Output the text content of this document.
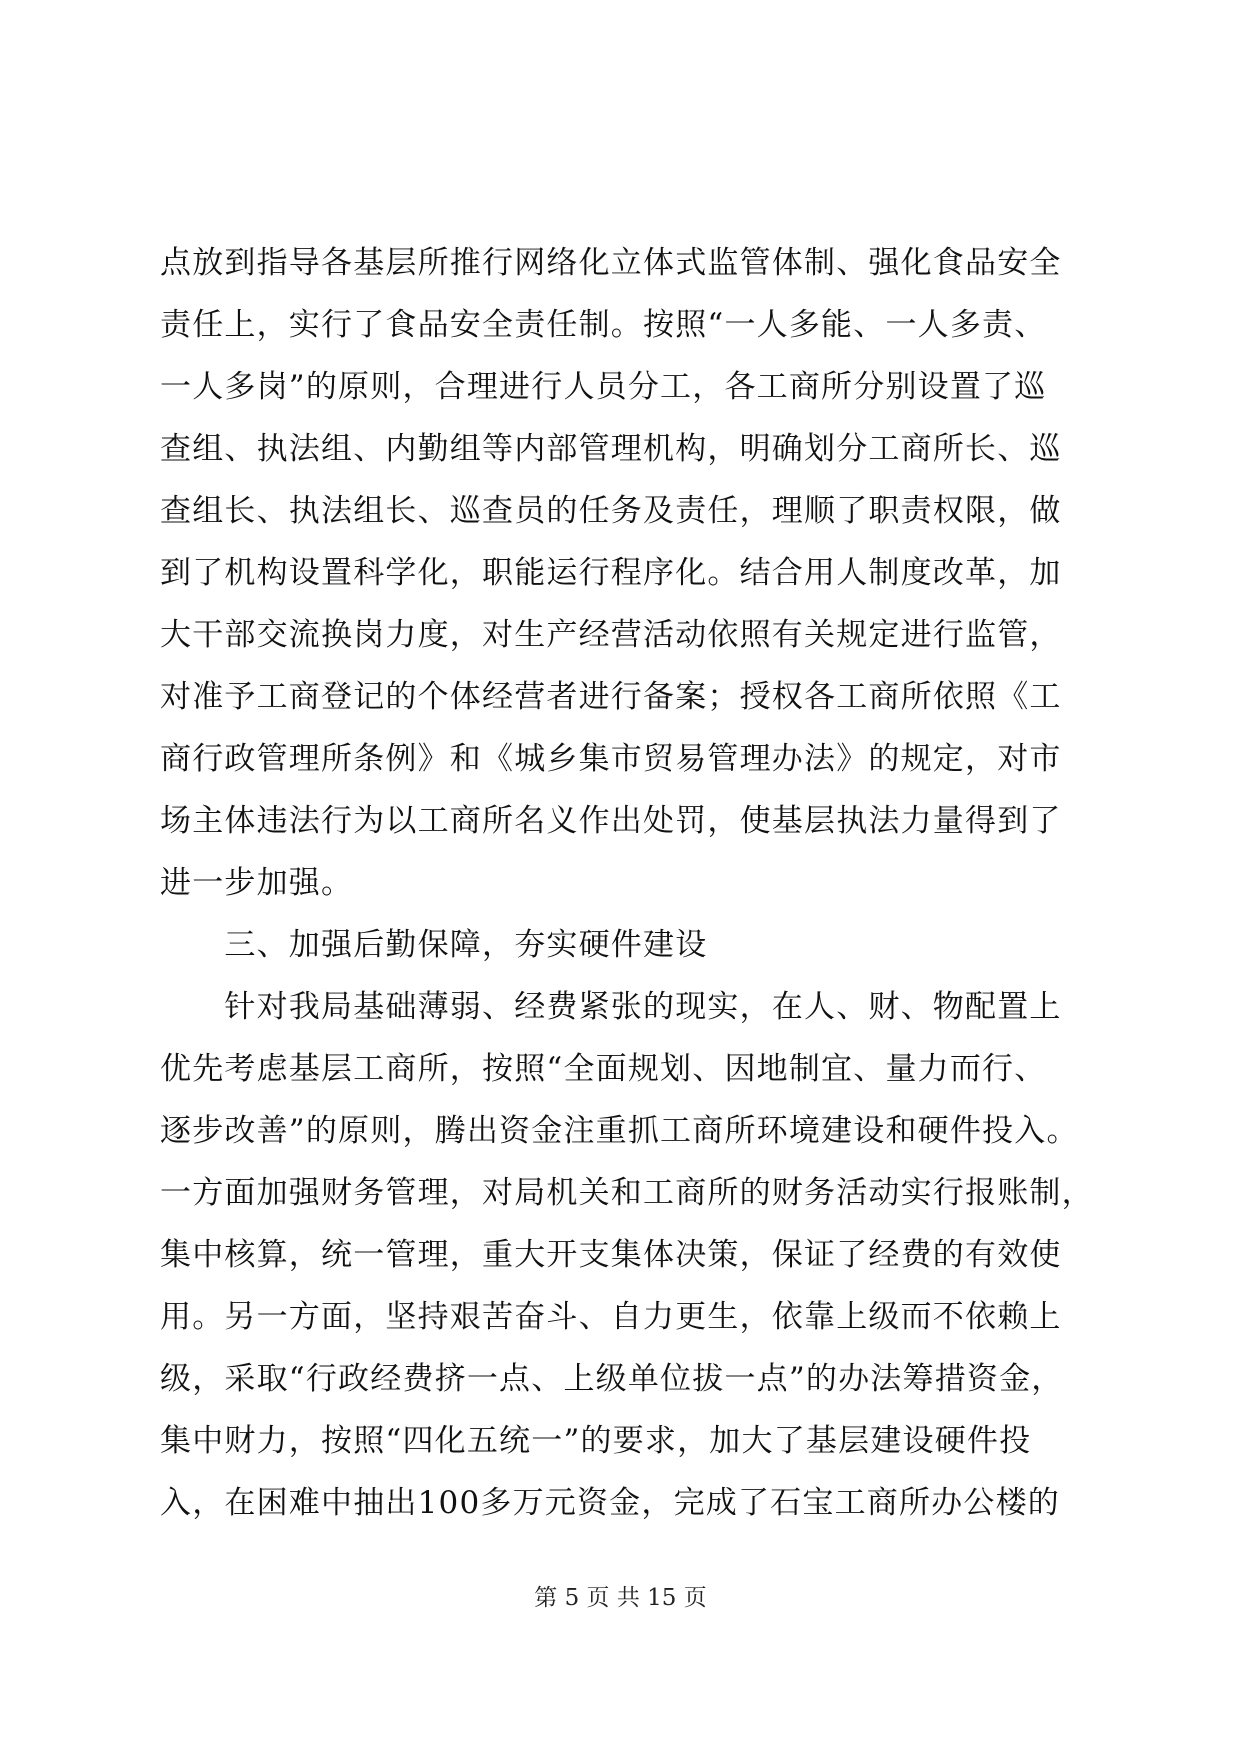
点放到指导各基层所推行网络化立体式监管体制、强化食品安全
责任上，实行了食品安全责任制。按照“一人多能、一人多责、
一人多岗”的原则，合理进行人员分工，各工商所分别设置了巡
查组、执法组、内勤组等内部管理机构，明确划分工商所长、巡
查组长、执法组长、巡查员的任务及责任，理顺了职责权限，做
到了机构设置科学化，职能运行程序化。结合用人制度改革，加
大干部交流换岗力度，对生产经营活动依照有关规定进行监管，
对准予工商登记的个体经营者进行备案；授权各工商所依照《工
商行政管理所条例》和《城乡集市贸易管理办法》的规定，对市
场主体违法行为以工商所名义作出处罚，使基层执法力量得到了
进一步加强。
　　三、加强后勤保障，夯实硬件建设
　　针对我局基础薄弱、经费紧张的现实，在人、财、物配置上
优先考虑基层工商所，按照“全面规划、因地制宜、量力而行、
逐步改善”的原则，腾出资金注重抓工商所环境建设和硬件投入。
一方面加强财务管理，对局机关和工商所的财务活动实行报账制，
集中核算，统一管理，重大开支集体决策，保证了经费的有效使
用。另一方面，坚持艰苦奋斗、自力更生，依靠上级而不依赖上
级，采取“行政经费挤一点、上级单位拔一点”的办法筹措资金，
集中财力，按照“四化五统一”的要求，加大了基层建设硬件投
入，在困难中抽出100多万元资金，完成了石宝工商所办公楼的
第 5 页 共 15 页
